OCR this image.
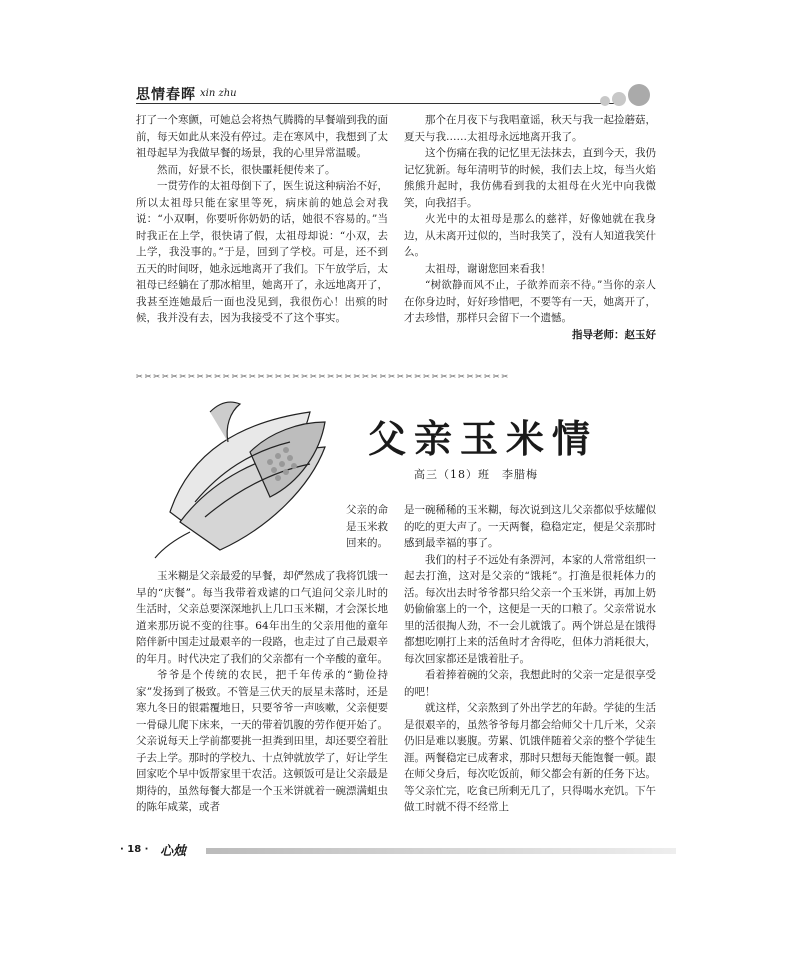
思情春晖 xin zhu

打了一个寒颤，可她总会将热气腾腾的早餐端到我的面前，每天如此从来没有停过。走在寒风中，我想到了太祖母起早为我做早餐的场景，我的心里异常温暖。

然而，好景不长，很快噩耗便传来了。

一贯劳作的太祖母倒下了，医生说这种病治不好，所以太祖母只能在家里等死，病床前的她总会对我说：“小双啊，你要听你奶奶的话，她很不容易的。”当时我正在上学，很快请了假，太祖母却说：“小双，去上学，我没事的。”于是，回到了学校。可是，还不到五天的时间呀，她永远地离开了我们。下午放学后，太祖母已经躺在了那冰棺里，她离开了，永远地离开了，我甚至连她最后一面也没见到，我很伤心！出殡的时候，我并没有去，因为我接受不了这个事实。

那个在月夜下与我唱童谣，秋天与我一起捡蘑菇，夏天与我……太祖母永远地离开我了。

这个伤痛在我的记忆里无法抹去，直到今天，我仍记忆犹新。每年清明节的时候，我们去上坟，每当火焰熊熊升起时，我仿佛看到我的太祖母在火光中向我微笑，向我招手。

火光中的太祖母是那么的慈祥，好像她就在我身边，从未离开过似的，当时我笑了，没有人知道我笑什么。

太祖母，谢谢您回来看我！

“树欲静而风不止，子欲养而亲不待。”当你的亲人在你身边时，好好珍惜吧，不要等有一天，她离开了，才去珍惜，那样只会留下一个遗憾。

指导老师：赵玉好

✂✂✂✂✂✂✂✂✂✂✂✂✂✂✂✂✂✂✂✂✂✂✂✂✂✂✂✂✂✂✂✂✂✂✂✂✂✂✂✂✂✂✂
父亲玉米情
高三（18）班　李腊梅

父亲的命是玉米救回来的。

玉米糊是父亲最爱的早餐，却俨然成了我将饥饿一早的“庆餐”。每当我带着戏谑的口气追问父亲儿时的生活时，父亲总要深深地扒上几口玉米糊，才会深长地道来那历说不变的往事。64年出生的父亲用他的童年陪伴新中国走过最艰辛的一段路，也走过了自己最艰辛的年月。时代决定了我们的父亲都有一个辛酸的童年。

爷爷是个传统的农民，把千年传承的“勤俭持家”发扬到了极致。不管是三伏天的辰星未落时，还是寒九冬日的银霜覆地日，只要爷爷一声咳嗽，父亲便要一骨碌儿爬下床来，一天的带着饥腹的劳作便开始了。父亲说每天上学前都要挑一担粪到田里，却还要空着肚子去上学。那时的学校九、十点钟就放学了，好让学生回家吃个早中饭帮家里干农活。这顿饭可是让父亲最是期待的，虽然每餐大都是一个玉米饼就着一碗漂满蛆虫的陈年咸菜，或者

是一碗稀稀的玉米糊，每次说到这儿父亲都似乎炫耀似的吃的更大声了。一天两餐，稳稳定定，便是父亲那时感到最幸福的事了。

我们的村子不远处有条淠河，本家的人常常组织一起去打渔，这对是父亲的“饿耗”。打渔是很耗体力的活。每次出去时爷爷都只给父亲一个玉米饼，再加上奶奶偷偷塞上的一个，这便是一天的口粮了。父亲常说水里的活很掏人劲，不一会儿就饿了。两个饼总是在饿得都想吃刚打上来的活鱼时才舍得吃，但体力消耗很大，每次回家都还是饿着肚子。

看着捧着碗的父亲，我想此时的父亲一定是很享受的吧！

就这样，父亲熬到了外出学艺的年龄。学徒的生活是很艰辛的，虽然爷爷每月都会给师父十几斤米，父亲仍旧是难以裹腹。劳累、饥饿伴随着父亲的整个学徒生涯。两餐稳定已成奢求，那时只想每天能饱餐一顿。跟在师父身后，每次吃饭前，师父都会有新的任务下达。等父亲忙完，吃食已所剩无几了，只得喝水充饥。下午做工时就不得不经常上

· 18 · 心烛
